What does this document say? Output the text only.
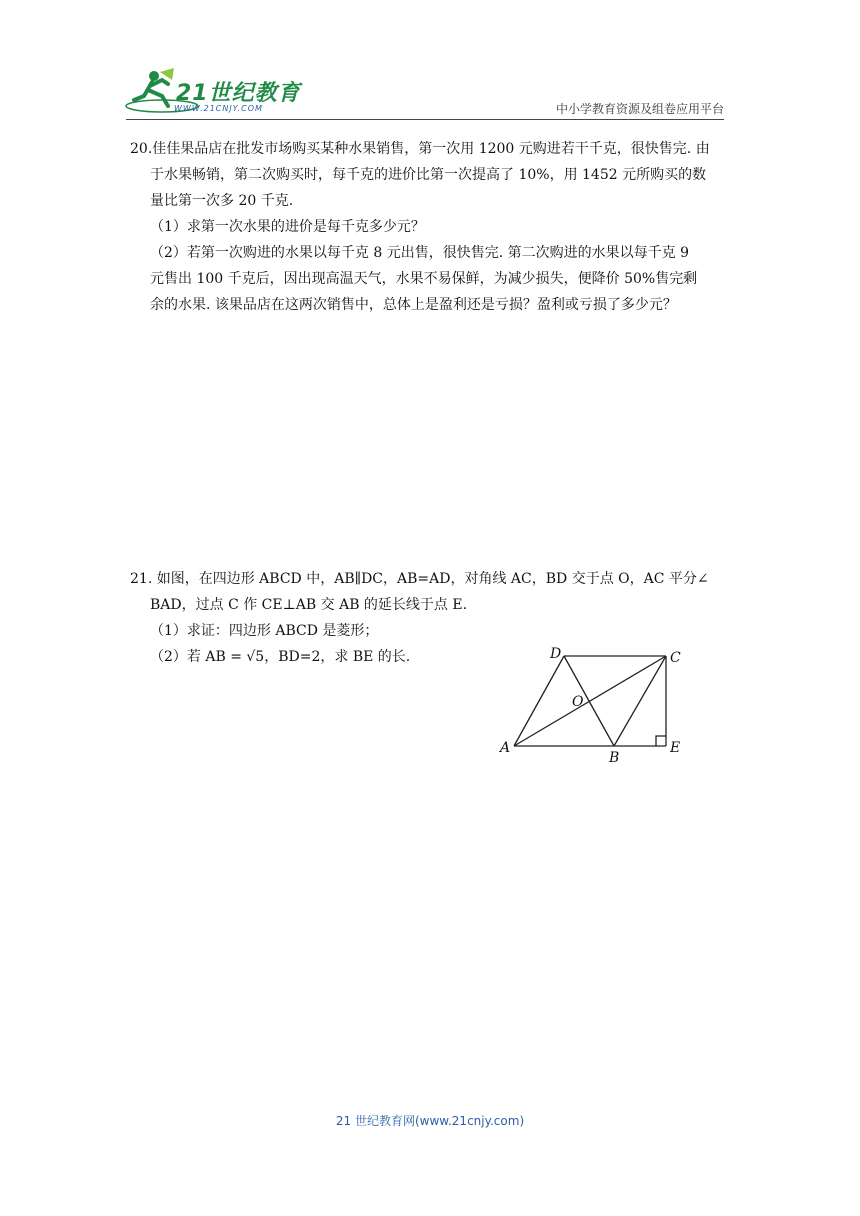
21世纪教育
WWW.21CNJY.COM	中小学教育资源及组卷应用平台
20.佳佳果品店在批发市场购买某种水果销售，第一次用 1200 元购进若干千克，很快售完. 由
于水果畅销，第二次购买时，每千克的进价比第一次提高了 10%，用 1452 元所购买的数
量比第一次多 20 千克.
（1）求第一次水果的进价是每千克多少元？
（2）若第一次购进的水果以每千克 8 元出售，很快售完. 第二次购进的水果以每千克 9
元售出 100 千克后，因出现高温天气，水果不易保鲜，为减少损失，便降价 50%售完剩
余的水果. 该果品店在这两次销售中，总体上是盈利还是亏损？盈利或亏损了多少元？
21. 如图，在四边形 ABCD 中，AB∥DC，AB=AD，对角线 AC，BD 交于点 O，AC 平分∠
BAD，过点 C 作 CE⊥AB 交 AB 的延长线于点 E.
（1）求证：四边形 ABCD 是菱形；
（2）若 AB = √5，BD=2，求 BE 的长.	D	C
O
A
B
E
21 世纪教育网(www.21cnjy.com)
